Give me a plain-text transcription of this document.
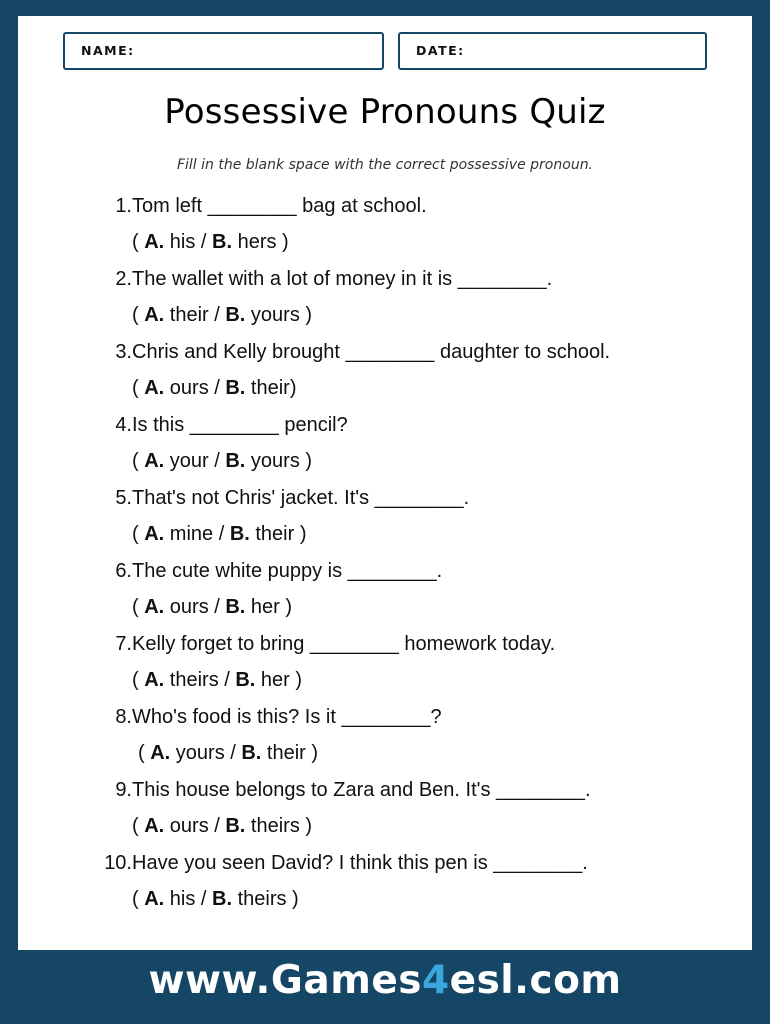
NAME:	DATE:
Possessive Pronouns Quiz
Fill in the blank space with the correct possessive pronoun.
1. Tom left ________ bag at school.
( A. his / B. hers )
2. The wallet with a lot of money in it is ________.
( A. their / B. yours )
3. Chris and Kelly brought ________ daughter to school.
( A. ours / B. their)
4. Is this ________ pencil?
( A. your / B. yours )
5. That's not Chris' jacket. It's ________.
( A. mine / B. their )
6. The cute white puppy is ________.
( A. ours / B. her )
7. Kelly forget to bring ________ homework today.
( A. theirs / B. her )
8. Who's food is this? Is it ________?
( A. yours / B. their )
9. This house belongs to Zara and Ben. It's ________.
( A. ours / B. theirs )
10. Have you seen David? I think this pen is ________.
( A. his / B. theirs )
www.Games4esl.com
